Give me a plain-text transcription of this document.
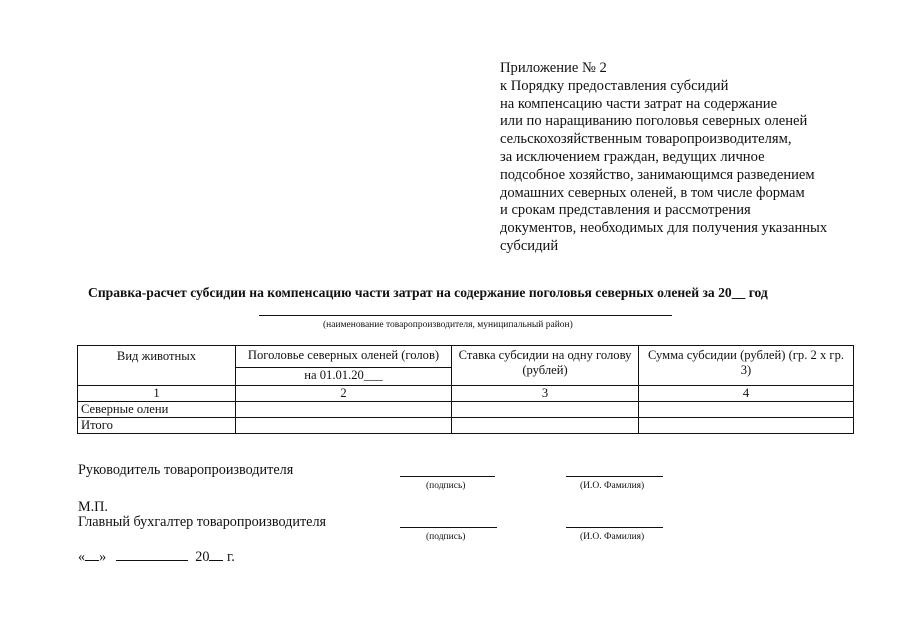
Приложение № 2
к Порядку предоставления субсидий
на компенсацию части затрат на содержание
или по наращиванию поголовья северных оленей
сельскохозяйственным товаропроизводителям,
за исключением граждан, ведущих личное
подсобное хозяйство, занимающимся разведением
домашних северных оленей, в том числе формам
и срокам представления и рассмотрения
документов, необходимых для получения указанных
субсидий
Справка-расчет субсидии на компенсацию части затрат на содержание поголовья северных оленей за 20__ год
(наименование товаропроизводителя, муниципальный район)
Вид животных	Поголовье северных оленей (голов)	Ставка субсидии на одну голову (рублей)	Сумма субсидии (рублей) (гр. 2 х гр. 3)
	на 01.01.20___		
1	2	3	4
Северные олени			
Итого			
Руководитель товаропроизводителя
(подпись)	(И.О. Фамилия)
М.П.
Главный бухгалтер товаропроизводителя
(подпись)	(И.О. Фамилия)
« »	20 г.
